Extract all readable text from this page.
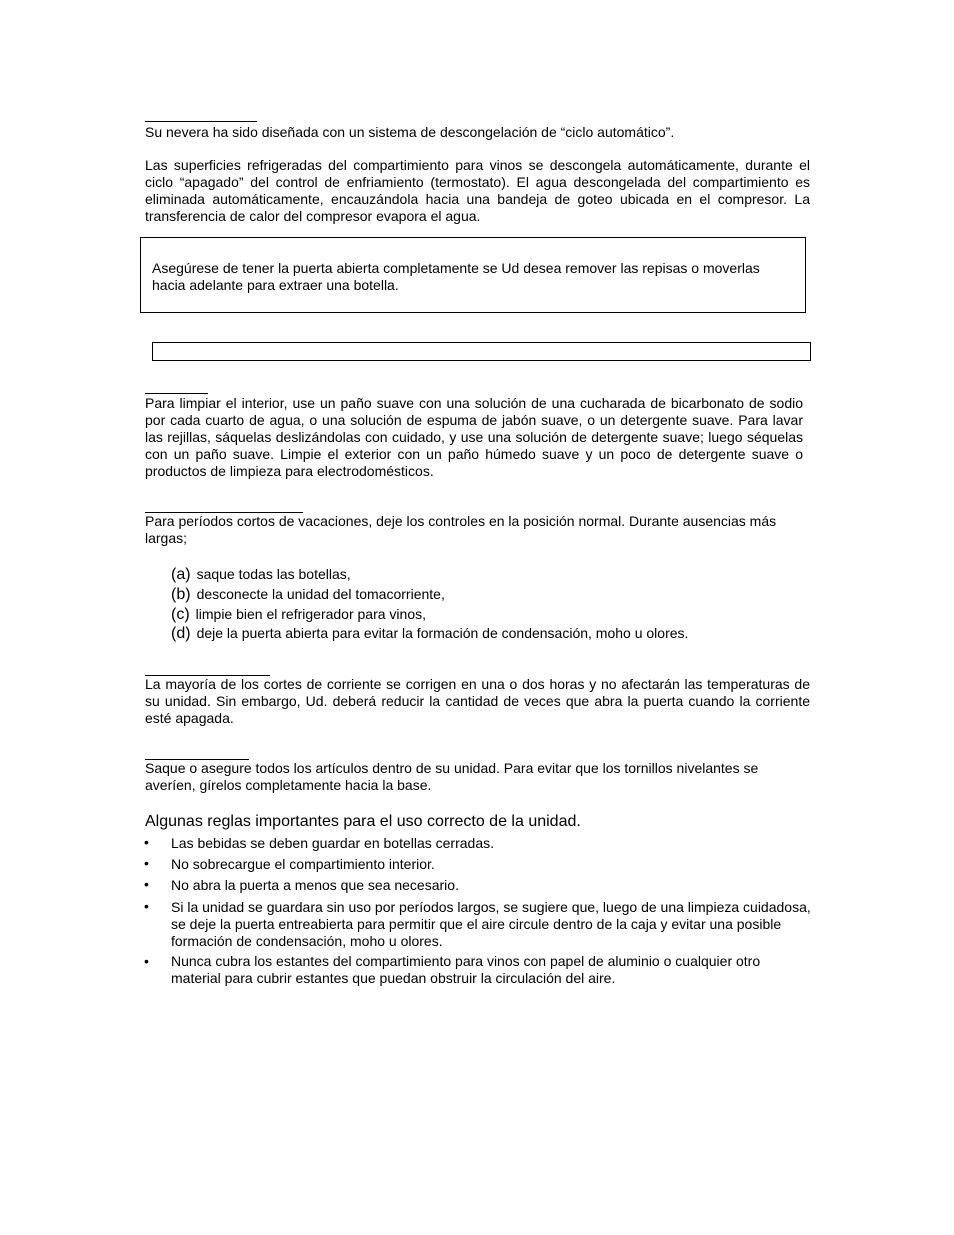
Su nevera ha sido diseñada con un sistema de descongelación de “ciclo automático”.

Las superficies refrigeradas del compartimiento para vinos se descongela automáticamente, durante el ciclo “apagado” del control de enfriamiento (termostato). El agua descongelada del compartimiento es eliminada automáticamente, encauzándola hacia una bandeja de goteo ubicada en el compresor. La transferencia de calor del compresor evapora el agua.

Asegúrese de tener la puerta abierta completamente se Ud desea remover las repisas o moverlas hacia adelante para extraer una botella.

Para limpiar el interior, use un paño suave con una solución de una cucharada de bicarbonato de sodio por cada cuarto de agua, o una solución de espuma de jabón suave, o un detergente suave. Para lavar las rejillas, sáquelas deslizándolas con cuidado, y use una solución de detergente suave; luego séquelas con un paño suave. Limpie el exterior con un paño húmedo suave y un poco de detergente suave o productos de limpieza para electrodomésticos.

Para períodos cortos de vacaciones, deje los controles en la posición normal. Durante ausencias más largas;

(a) saque todas las botellas,
(b) desconecte la unidad del tomacorriente,
(c) limpie bien el refrigerador para vinos,
(d) deje la puerta abierta para evitar la formación de condensación, moho u olores.

La mayoría de los cortes de corriente se corrigen en una o dos horas y no afectarán las temperaturas de su unidad. Sin embargo, Ud. deberá reducir la cantidad de veces que abra la puerta cuando la corriente esté apagada.

Saque o asegure todos los artículos dentro de su unidad. Para evitar que los tornillos nivelantes se averíen, gírelos completamente hacia la base.

Algunas reglas importantes para el uso correcto de la unidad.
• Las bebidas se deben guardar en botellas cerradas.

• No sobrecargue el compartimiento interior.

• No abra la puerta a menos que sea necesario.

• Si la unidad se guardara sin uso por períodos largos, se sugiere que, luego de una limpieza cuidadosa, se deje la puerta entreabierta para permitir que el aire circule dentro de la caja y evitar una posible formación de condensación, moho u olores.

• Nunca cubra los estantes del compartimiento para vinos con papel de aluminio o cualquier otro material para cubrir estantes que puedan obstruir la circulación del aire.
